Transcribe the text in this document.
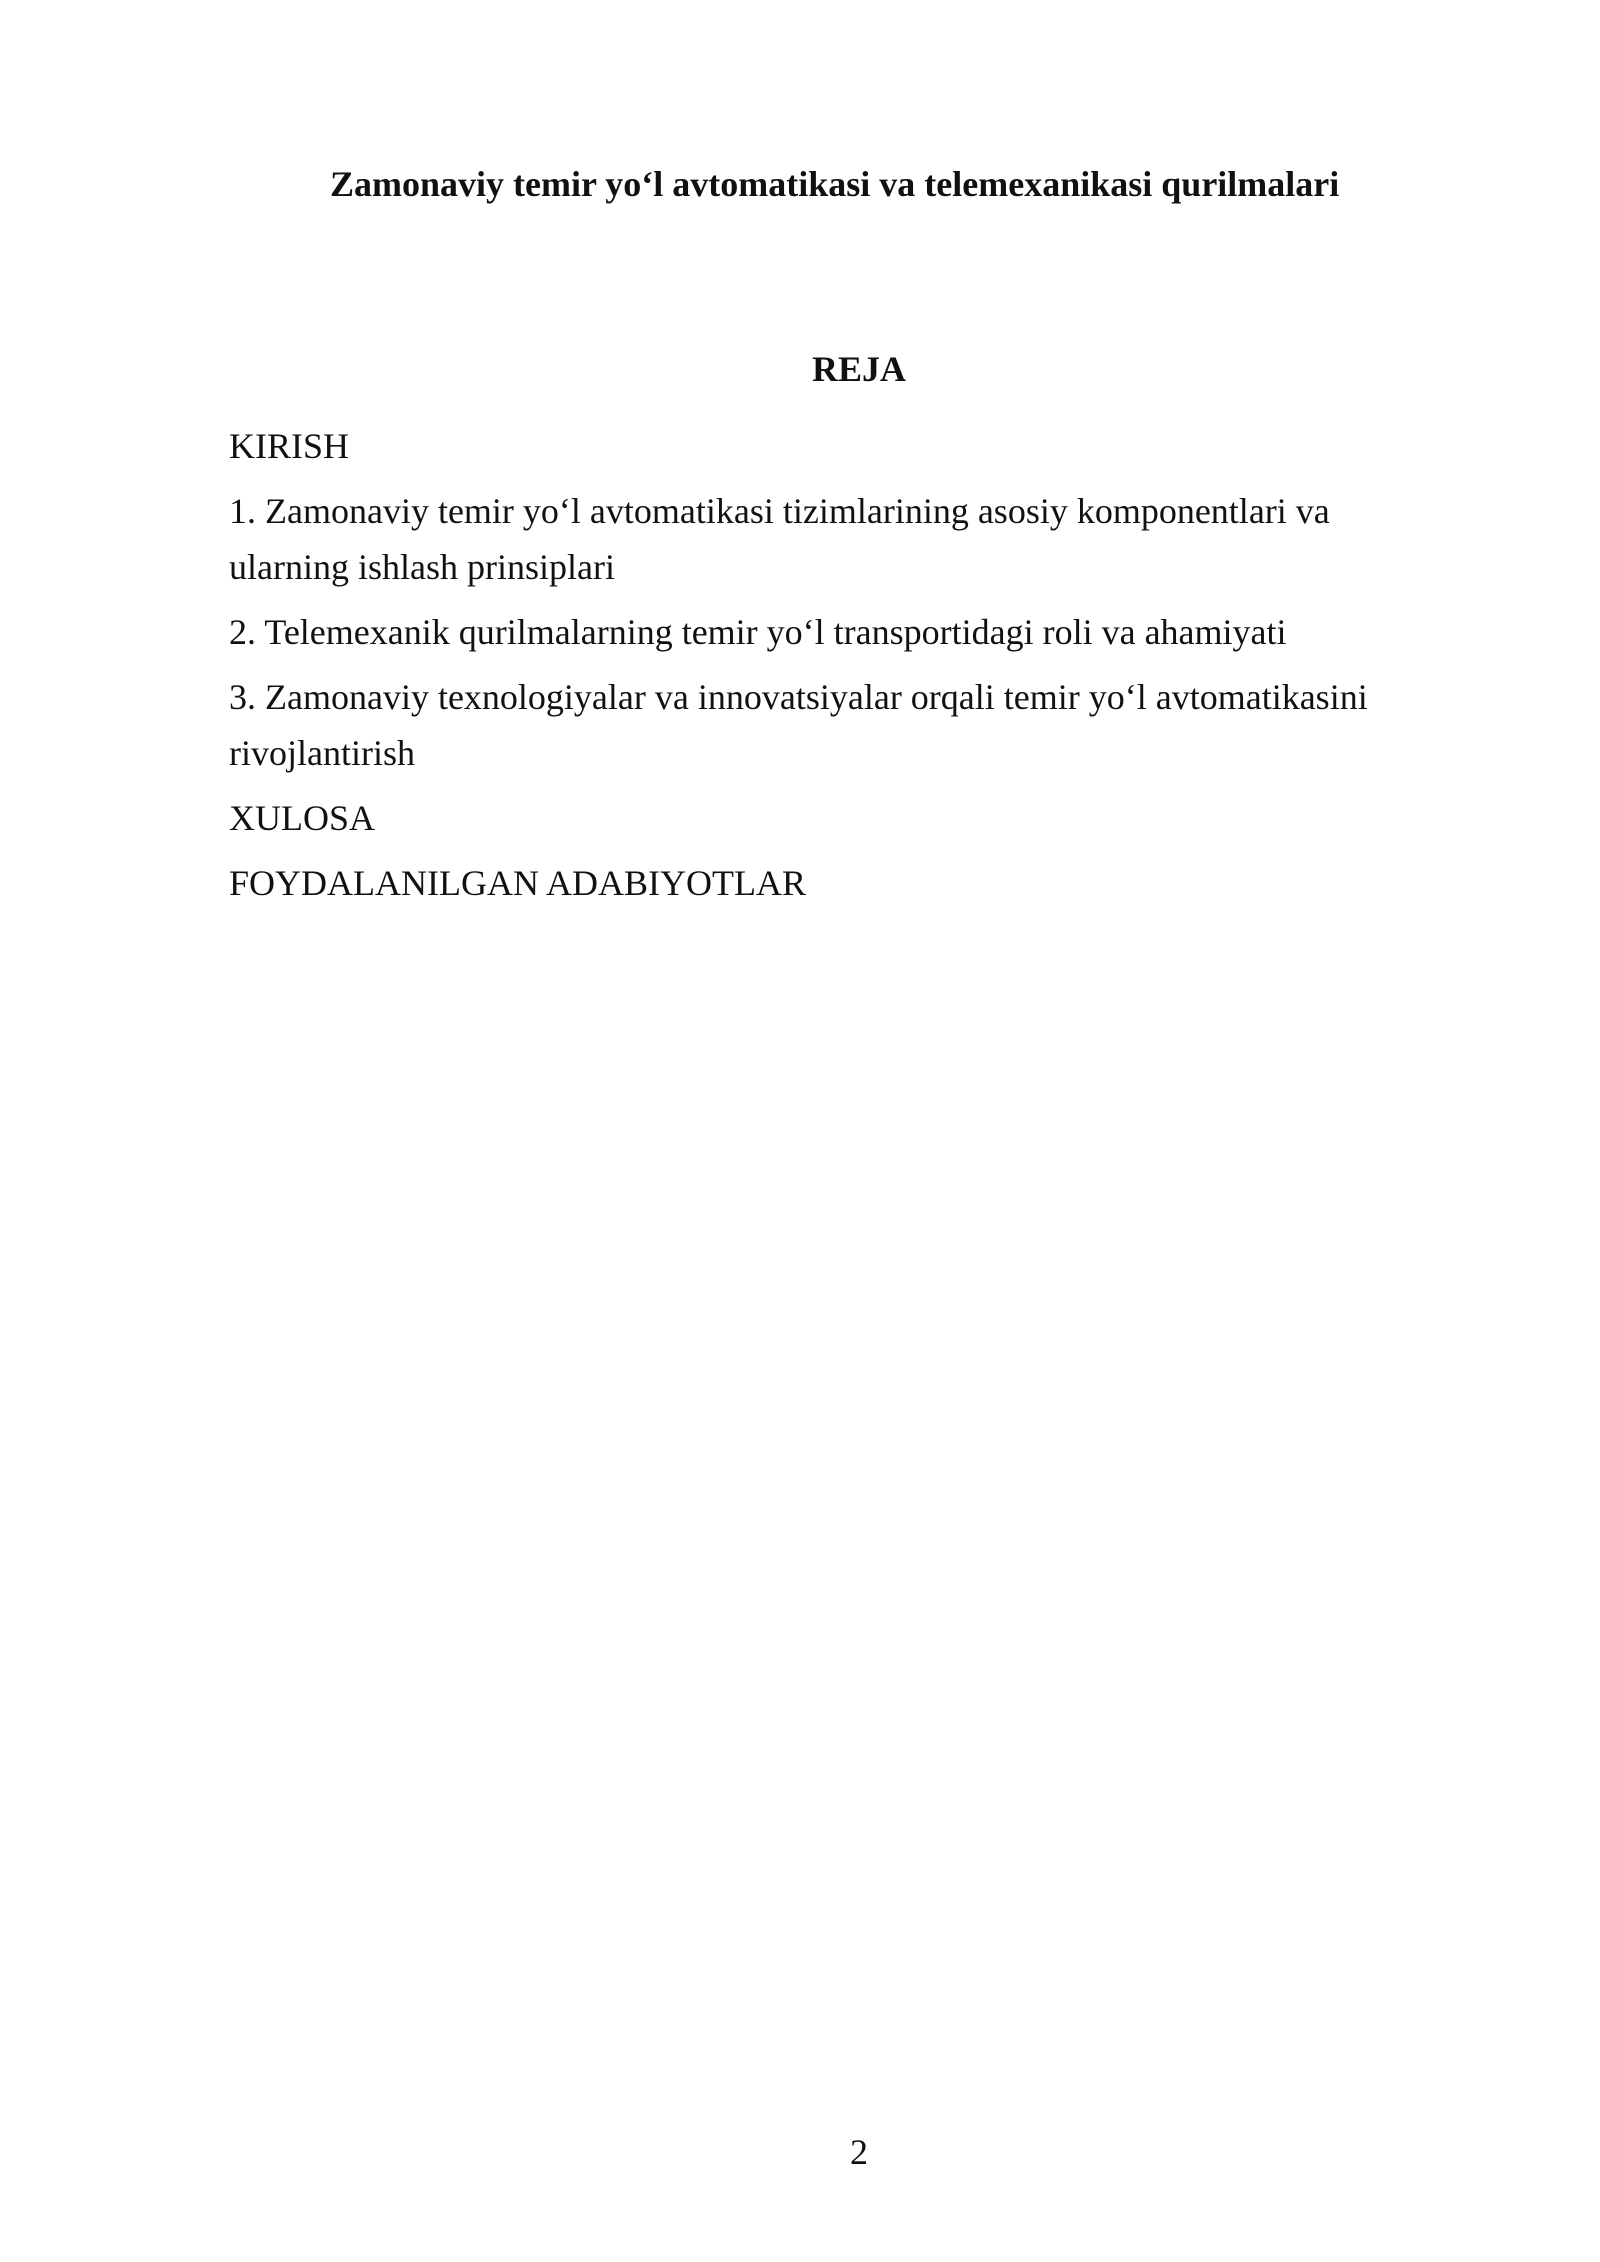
Zamonaviy temir yo‘l avtomatikasi va telemexanikasi qurilmalari
REJA
KIRISH
1. Zamonaviy temir yo‘l avtomatikasi tizimlarining asosiy komponentlari va ularning ishlash prinsiplari
2. Telemexanik qurilmalarning temir yo‘l transportidagi roli va ahamiyati
3. Zamonaviy texnologiyalar va innovatsiyalar orqali temir yo‘l avtomatikasini rivojlantirish
XULOSA
FOYDALANILGAN ADABIYOTLAR
2
